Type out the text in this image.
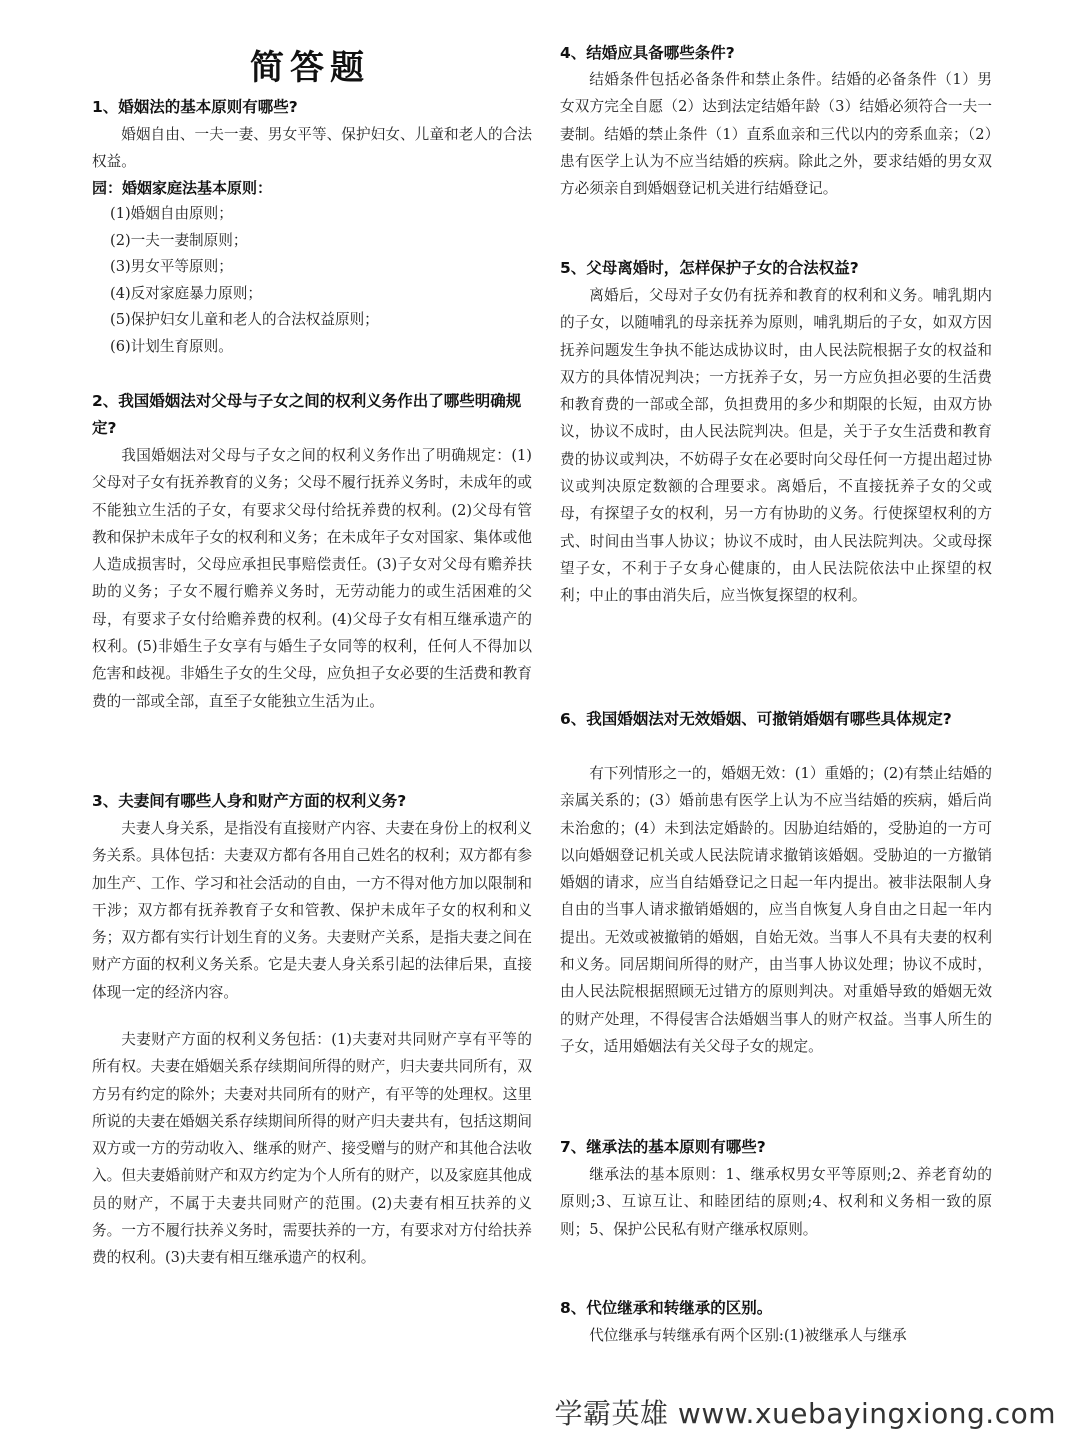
简答题
1、婚姻法的基本原则有哪些?
婚姻自由、一夫一妻、男女平等、保护妇女、儿童和老人的合法权益。
园：婚姻家庭法基本原则：
(1)婚姻自由原则；
(2)一夫一妻制原则；
(3)男女平等原则；
(4)反对家庭暴力原则；
(5)保护妇女儿童和老人的合法权益原则；
(6)计划生育原则。
2、我国婚姻法对父母与子女之间的权利义务作出了哪些明确规定?
我国婚姻法对父母与子女之间的权利义务作出了明确规定：(1)父母对子女有抚养教育的义务；父母不履行抚养义务时，未成年的或不能独立生活的子女，有要求父母付给抚养费的权利。(2)父母有管教和保护未成年子女的权利和义务；在未成年子女对国家、集体或他人造成损害时，父母应承担民事赔偿责任。(3)子女对父母有赡养扶助的义务；子女不履行赡养义务时，无劳动能力的或生活困难的父母，有要求子女付给赡养费的权利。(4)父母子女有相互继承遗产的权利。(5)非婚生子女享有与婚生子女同等的权利，任何人不得加以危害和歧视。非婚生子女的生父母，应负担子女必要的生活费和教育费的一部或全部，直至子女能独立生活为止。
3、夫妻间有哪些人身和财产方面的权利义务?
夫妻人身关系，是指没有直接财产内容、夫妻在身份上的权利义务关系。具体包括：夫妻双方都有各用自己姓名的权利；双方都有参加生产、工作、学习和社会活动的自由，一方不得对他方加以限制和干涉；双方都有抚养教育子女和管教、保护未成年子女的权利和义务；双方都有实行计划生育的义务。夫妻财产关系，是指夫妻之间在财产方面的权利义务关系。它是夫妻人身关系引起的法律后果，直接体现一定的经济内容。
夫妻财产方面的权利义务包括：(1)夫妻对共同财产享有平等的所有权。夫妻在婚姻关系存续期间所得的财产，归夫妻共同所有，双方另有约定的除外；夫妻对共同所有的财产，有平等的处理权。这里所说的夫妻在婚姻关系存续期间所得的财产归夫妻共有，包括这期间双方或一方的劳动收入、继承的财产、接受赠与的财产和其他合法收入。但夫妻婚前财产和双方约定为个人所有的财产，以及家庭其他成员的财产，不属于夫妻共同财产的范围。(2)夫妻有相互扶养的义务。一方不履行扶养义务时，需要扶养的一方，有要求对方付给扶养费的权利。(3)夫妻有相互继承遗产的权利。
4、结婚应具备哪些条件?
结婚条件包括必备条件和禁止条件。结婚的必备条件（1）男女双方完全自愿（2）达到法定结婚年龄（3）结婚必须符合一夫一妻制。结婚的禁止条件（1）直系血亲和三代以内的旁系血亲；（2）患有医学上认为不应当结婚的疾病。除此之外，要求结婚的男女双方必须亲自到婚姻登记机关进行结婚登记。
5、父母离婚时，怎样保护子女的合法权益?
离婚后，父母对子女仍有抚养和教育的权利和义务。哺乳期内的子女，以随哺乳的母亲抚养为原则，哺乳期后的子女，如双方因抚养问题发生争执不能达成协议时，由人民法院根据子女的权益和双方的具体情况判决；一方抚养子女，另一方应负担必要的生活费和教育费的一部或全部，负担费用的多少和期限的长短，由双方协议，协议不成时，由人民法院判决。但是，关于子女生活费和教育费的协议或判决，不妨碍子女在必要时向父母任何一方提出超过协议或判决原定数额的合理要求。离婚后，不直接抚养子女的父或母，有探望子女的权利，另一方有协助的义务。行使探望权利的方式、时间由当事人协议；协议不成时，由人民法院判决。父或母探望子女，不利于子女身心健康的，由人民法院依法中止探望的权利；中止的事由消失后，应当恢复探望的权利。
6、我国婚姻法对无效婚姻、可撤销婚姻有哪些具体规定?
有下列情形之一的，婚姻无效：(1）重婚的；(2)有禁止结婚的亲属关系的；(3）婚前患有医学上认为不应当结婚的疾病，婚后尚未治愈的；(4）未到法定婚龄的。因胁迫结婚的，受胁迫的一方可以向婚姻登记机关或人民法院请求撤销该婚姻。受胁迫的一方撤销婚姻的请求，应当自结婚登记之日起一年内提出。被非法限制人身自由的当事人请求撤销婚姻的，应当自恢复人身自由之日起一年内提出。无效或被撤销的婚姻，自始无效。当事人不具有夫妻的权利和义务。同居期间所得的财产，由当事人协议处理；协议不成时，由人民法院根据照顾无过错方的原则判决。对重婚导致的婚姻无效的财产处理，不得侵害合法婚姻当事人的财产权益。当事人所生的子女，适用婚姻法有关父母子女的规定。
7、继承法的基本原则有哪些?
继承法的基本原则：1、继承权男女平等原则;2、养老育幼的原则;3、互谅互让、和睦团结的原则;4、权利和义务相一致的原则；5、保护公民私有财产继承权原则。
8、代位继承和转继承的区别。
代位继承与转继承有两个区别:(1)被继承人与继承
学霸英雄 www.xuebayingxiong.com
